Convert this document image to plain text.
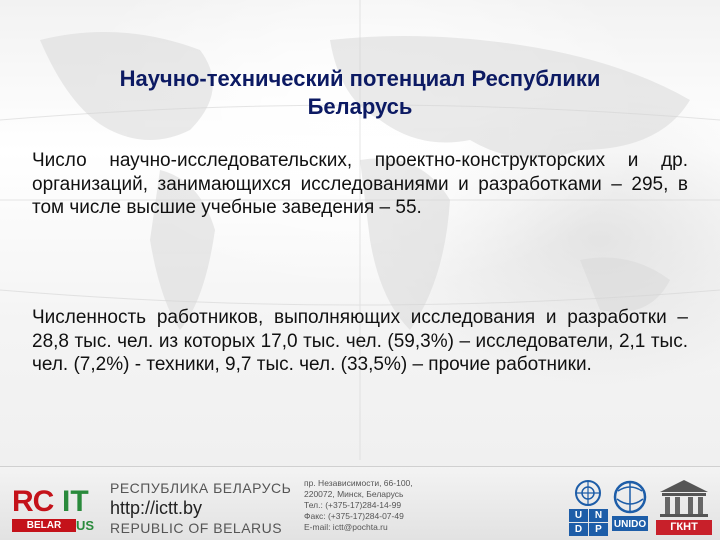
Научно-технический потенциал Республики
Беларусь
Число научно-исследовательских, проектно-конструкторских и др. организаций, занимающихся исследованиями и разработками – 295, в том числе высшие учебные заведения – 55.
Численность работников, выполняющих исследования и разработки – 28,8 тыс. чел. из которых 17,0 тыс. чел. (59,3%) – исследователи, 2,1 тыс. чел. (7,2%) - техники, 9,7 тыс. чел. (33,5%) – прочие работники.
RC IT
BELAR	US
РЕСПУБЛИКА БЕЛАРУСЬ
http://ictt.by
REPUBLIC OF BELARUS
пр. Независимости, 66-100,
220072, Минск, Беларусь
Тел.: (+375-17)284-14-99
Факс: (+375-17)284-07-49
E-mail: ictt@pochta.ru
U	N
D	P	UNIDO	ГКНТ
